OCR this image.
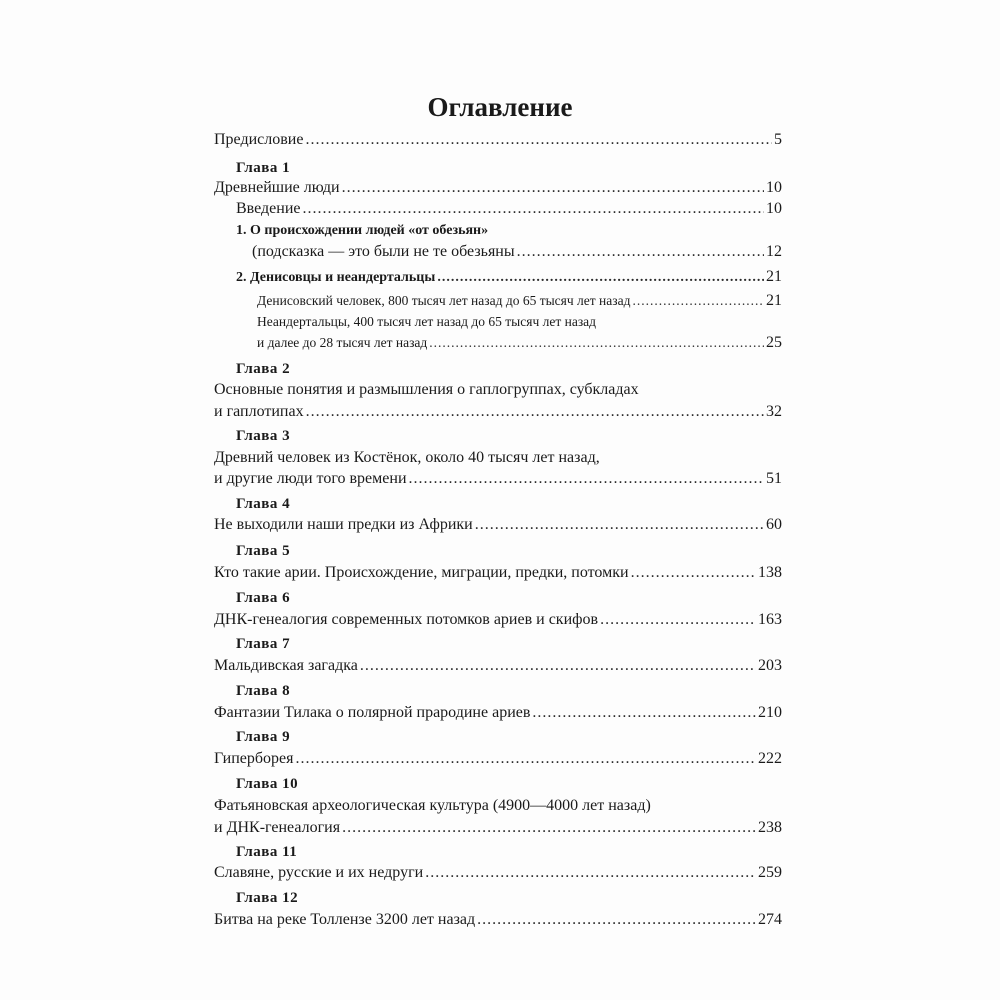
Оглавление
Предисловие .....	5
Глава 1
Древнейшие люди .....	10
Введение .....	10
1. О происхождении людей «от обезьян»
(подсказка — это были не те обезьяны .....	12
2. Денисовцы и неандертальцы .....	21
Денисовский человек, 800 тысяч лет назад до 65 тысяч лет назад .....	21
Неандертальцы, 400 тысяч лет назад до 65 тысяч лет назад
и далее до 28 тысяч лет назад .....	25
Глава 2
Основные понятия и размышления о гаплогруппах, субкладах
и гаплотипах .....	32
Глава 3
Древний человек из Костёнок, около 40 тысяч лет назад,
и другие люди того времени .....	51
Глава 4
Не выходили наши предки из Африки .....	60
Глава 5
Кто такие арии. Происхождение, миграции, предки, потомки .....	138
Глава 6
ДНК-генеалогия современных потомков ариев и скифов .....	163
Глава 7
Мальдивская загадка .....	203
Глава 8
Фантазии Тилака о полярной прародине ариев .....	210
Глава 9
Гиперборея .....	222
Глава 10
Фатьяновская археологическая культура (4900—4000 лет назад)
и ДНК-генеалогия .....	238
Глава 11
Славяне, русские и их недруги .....	259
Глава 12
Битва на реке Толлензе 3200 лет назад .....	274
